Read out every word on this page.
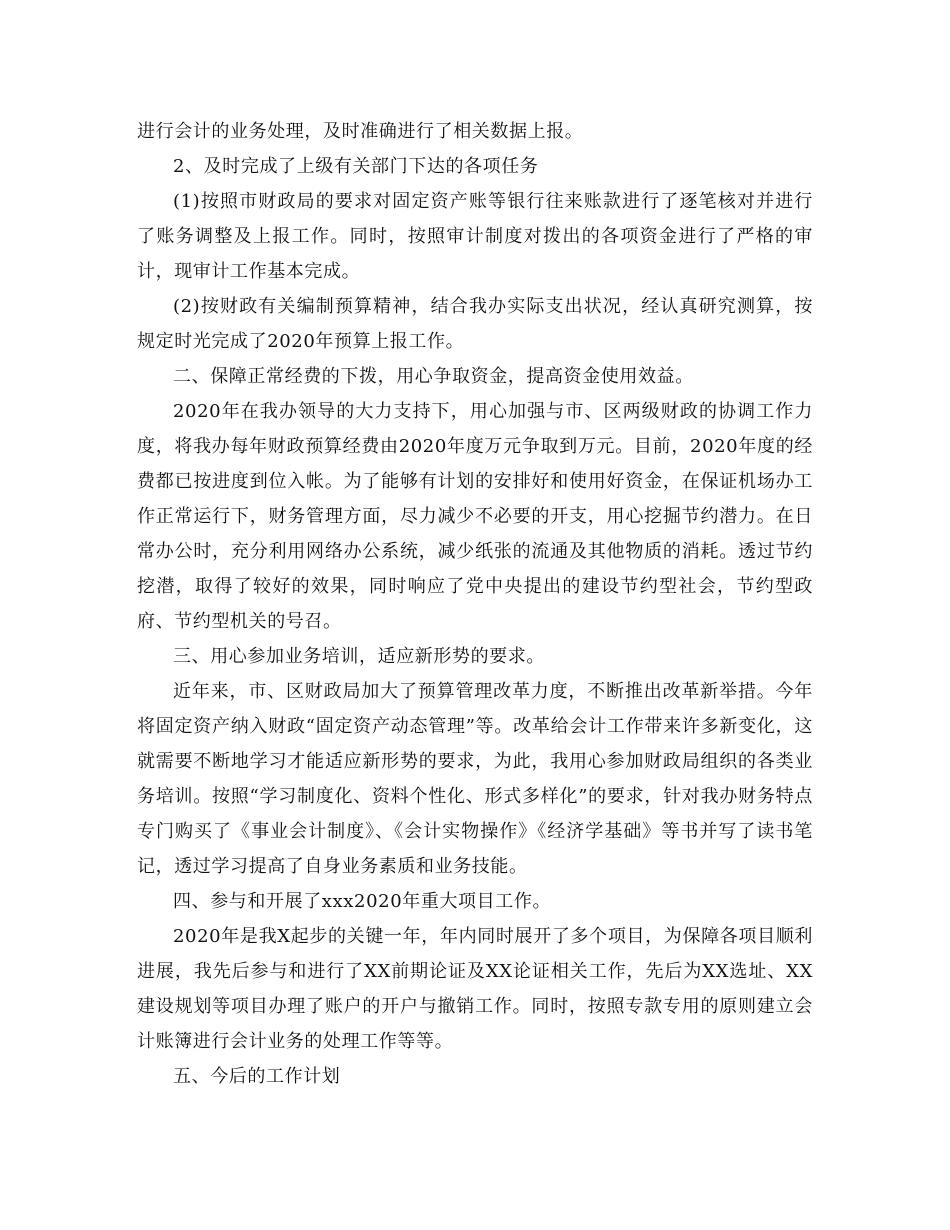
进行会计的业务处理，及时准确进行了相关数据上报。

2、及时完成了上级有关部门下达的各项任务

(1)按照市财政局的要求对固定资产账等银行往来账款进行了逐笔核对并进行了账务调整及上报工作。同时，按照审计制度对拨出的各项资金进行了严格的审计，现审计工作基本完成。

(2)按财政有关编制预算精神，结合我办实际支出状况，经认真研究测算，按规定时光完成了2020年预算上报工作。

二、保障正常经费的下拨，用心争取资金，提高资金使用效益。

2020年在我办领导的大力支持下，用心加强与市、区两级财政的协调工作力度，将我办每年财政预算经费由2020年度万元争取到万元。目前，2020年度的经费都已按进度到位入帐。为了能够有计划的安排好和使用好资金，在保证机场办工作正常运行下，财务管理方面，尽力减少不必要的开支，用心挖掘节约潜力。在日常办公时，充分利用网络办公系统，减少纸张的流通及其他物质的消耗。透过节约挖潜，取得了较好的效果，同时响应了党中央提出的建设节约型社会，节约型政府、节约型机关的号召。

三、用心参加业务培训，适应新形势的要求。

近年来，市、区财政局加大了预算管理改革力度，不断推出改革新举措。今年将固定资产纳入财政“固定资产动态管理”等。改革给会计工作带来许多新变化，这就需要不断地学习才能适应新形势的要求，为此，我用心参加财政局组织的各类业务培训。按照“学习制度化、资料个性化、形式多样化”的要求，针对我办财务特点专门购买了《事业会计制度》、《会计实物操作》《经济学基础》等书并写了读书笔记，透过学习提高了自身业务素质和业务技能。

四、参与和开展了xxx2020年重大项目工作。

2020年是我X起步的关键一年，年内同时展开了多个项目，为保障各项目顺利进展，我先后参与和进行了XX前期论证及XX论证相关工作，先后为XX选址、XX建设规划等项目办理了账户的开户与撤销工作。同时，按照专款专用的原则建立会计账簿进行会计业务的处理工作等等。

五、今后的工作计划
